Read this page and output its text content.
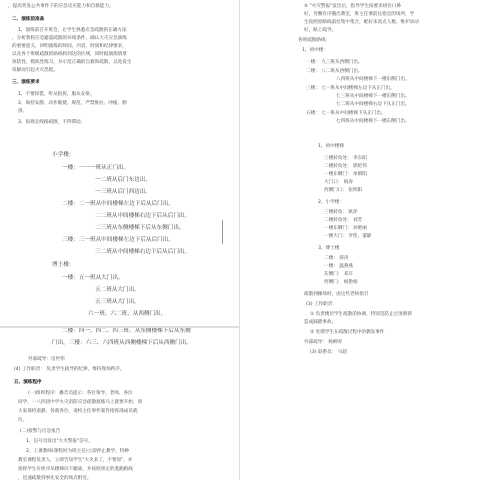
，提高突发公共事件下的应急反应能力和自救能力。
二、演练前准备
1、演练前召开班会，让学生熟悉应急疏散的正确方法
，分析我校应急避震疏散的环境条件，确认大灾应急演练
的重要意义，讲明演练的时间、内容、时间和纪律要求，
以及各个班级疏散的路线和到达的区域，同时据演练情景
预防性、模拟性练习，并示范正确的自救和疏散，以免发生
误解而引起火灾恐慌。
三、演练要求
1、不要惊慌，听从指挥，服从安排。
2、保持安静、动作敏捷、规范，严禁推拉、冲撞、拥
挤。
3、按规定线路疏散，不得滞动。
小学楼：
一楼：一一一班从正门出。
一二班从后门东边出。
一三班从后门西边出。
二楼：二一班从中间楼梯左边下后从后门出。
二二班从中间楼梯右边下后从后门出。
二三班从东侧楼梯下后从东侧门出。
三楼：三一班从中间楼梯左边下后从后门出。
三二班从中间楼梯右边下后从后门出。
博士楼：
一楼：五一班从大门出。
五二班从大门出。
五三班从大门出。
六一班、六二班、从西侧门出。
二楼：四一、四二、四三班、从东侧楼梯下后从东侧
门出。三楼：六三、六四班从西侧楼梯下后从西侧门出。
外部疏导：房世伟
(4) 工作职责： 负责学生疏导的纪律，维持现场秩序。
五、演练程序
(一)组织程序：播音员提示：各位领导、老师、各位
同学，一八四团中学火灾消防应急疏散演练马上就要开始，请
大家保持肃静，各就各位，请校主任事件案件指挥部成员就
位。
(二)接警与应急报告
1、信号员发出"大火警报"信号。
2、上课教师(课程时为班主任)立即停止教学，特种
教室课程负责人，立即告知学生"大火来了，不要惊"，并
指挥学生有秩序从楼梯向下撤离，并按照预定的逃跑路线
，迅速疏散到事先安全的场点附近。
⑤ "火灾警报"发出后，指导学生按要求捂住口鼻
好，弯腰有序撤出教室，班主任要前往指定的场所，学
生按照原路线前往集中集合，配好来清点人数，维护动动
好，路上疏导。
各班疏散路线：
1、初中楼：
一楼： 九三班从西侧门出。
二楼： 八二班从西侧门出。
八四班从中间楼梯下一楼东侧门出。
三楼： 七一班从中间楼梯左边下从正门出。
七三班从中间楼梯下一楼东侧门出。
七二班从中间楼梯右边下从正门出。
五楼： 七一班从中间楼梯下从正门出。
七四班从中间楼梯下一楼东侧门出。
1、初中楼梯
三楼转角处： 李东阳
二楼转角处： 郭伦伟
一楼东侧门： 单朝阳
大门口： 杨涛
西侧门口： 张明阳
2、小学楼：
三楼转角： 耿萍
二楼转角处： 刘芳
一楼东侧门： 孙艳丽
一楼大门： 罗伦、董静
3、博士楼
二楼： 韩涛
一楼： 温燕燕
东侧门： 邓卉
西侧门： 杨艳娟
疏散到操场时，由这些老师指引
(3) 工作职责：
① 负责楼层学生疏散的协调，特别是防止过度拥挤
造成踩踏事故。
② 处理学生在疏散过程中的偶发事件
外部疏导： 杨柳青
(3) 联系员： 马超
